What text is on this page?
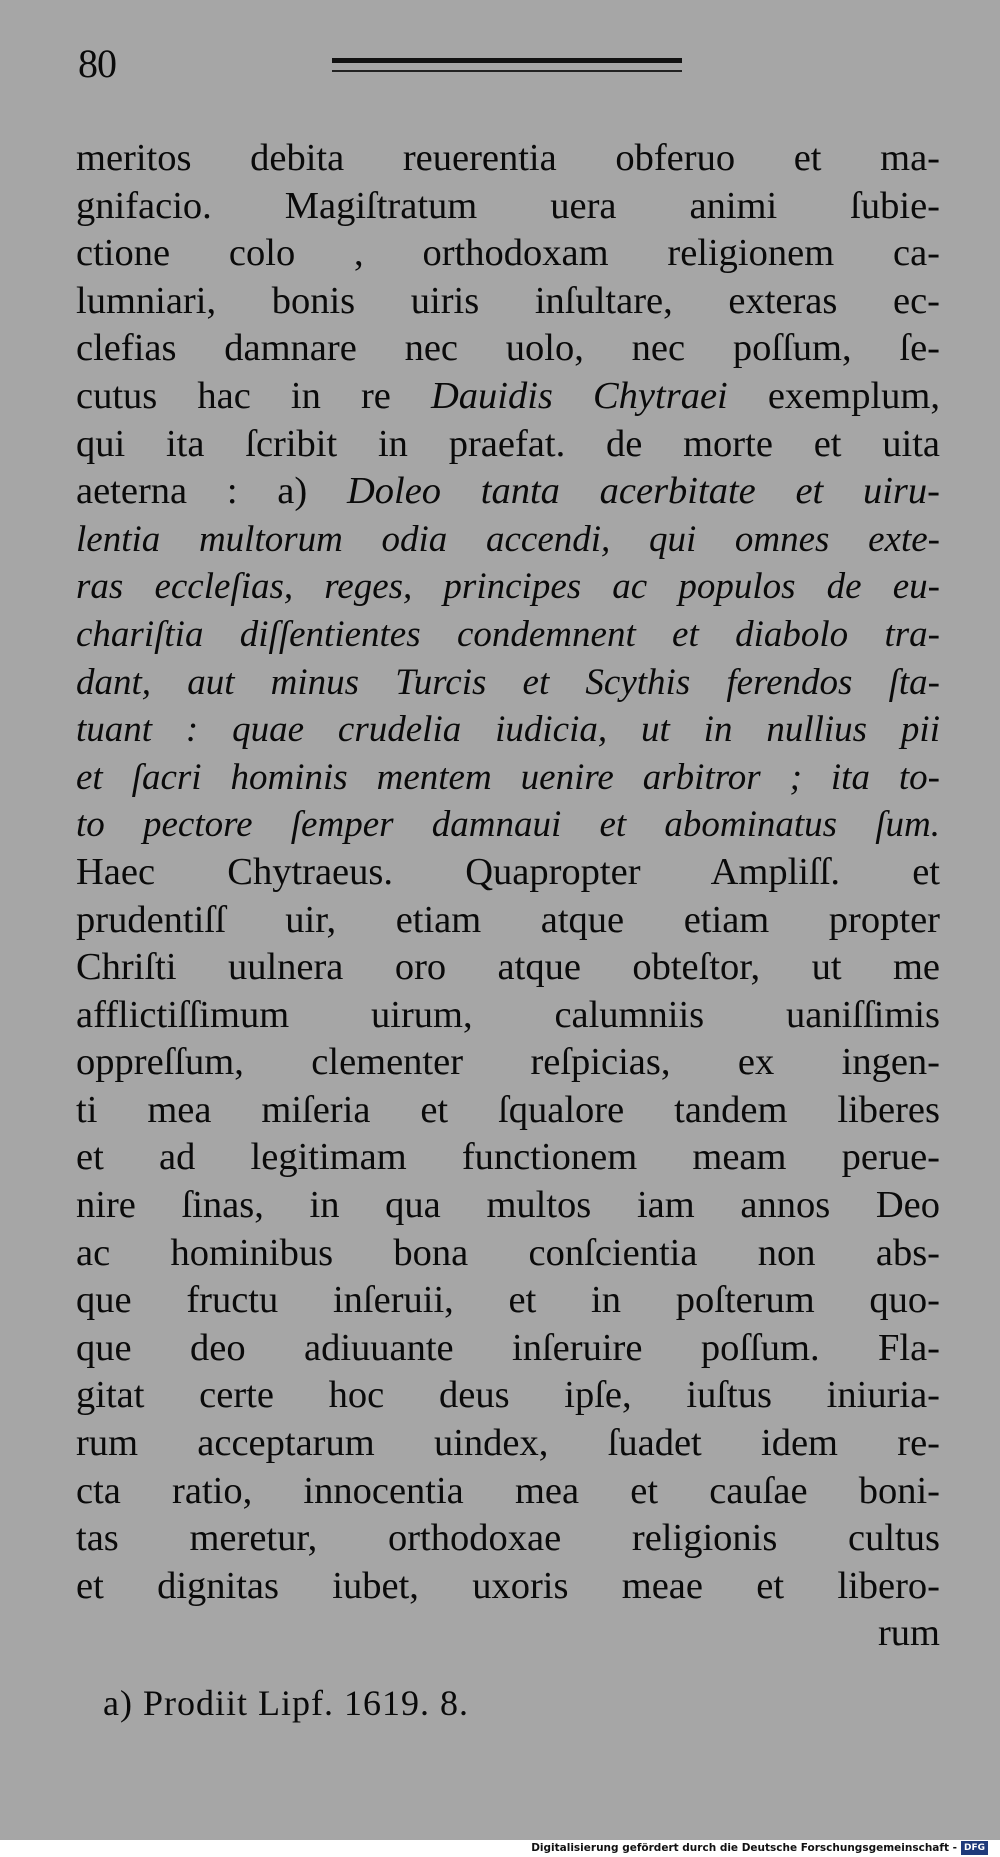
80
meritos debita reuerentia obferuo et ma-
gnifacio. Magiſtratum uera animi ſubie-
ctione colo , orthodoxam religionem ca-
lumniari, bonis uiris inſultare, exteras ec-
clefias damnare nec uolo, nec poſſum, ſe-
cutus hac in re Dauidis Chytraei exemplum,
qui ita ſcribit in praefat. de morte et uita
aeterna : a) Doleo tanta acerbitate et uiru-
lentia multorum odia accendi, qui omnes exte-
ras eccleſias, reges, principes ac populos de eu-
chariſtia diſſentientes condemnent et diabolo tra-
dant, aut minus Turcis et Scythis ferendos ſta-
tuant : quae crudelia iudicia, ut in nullius pii
et ſacri hominis mentem uenire arbitror ; ita to-
to pectore ſemper damnaui et abominatus ſum.
Haec Chytraeus. Quapropter Ampliſſ. et
prudentiſſ uir, etiam atque etiam propter
Chriſti uulnera oro atque obteſtor, ut me
afflictiſſimum uirum, calumniis uaniſſimis
oppreſſum, clementer reſpicias, ex ingen-
ti mea miſeria et ſqualore tandem liberes
et ad legitimam functionem meam perue-
nire ſinas, in qua multos iam annos Deo
ac hominibus bona conſcientia non abs-
que fructu inſeruii, et in poſterum quo-
que deo adiuuante inſeruire poſſum. Fla-
gitat certe hoc deus ipſe, iuſtus iniuria-
rum acceptarum uindex, ſuadet idem re-
cta ratio, innocentia mea et cauſae boni-
tas meretur, orthodoxae religionis cultus
et dignitas iubet, uxoris meae et libero-
rum
a) Prodiit Lipf. 1619. 8.
Digitalisierung gefördert durch die Deutsche Forschungsgemeinschaft - DFG
